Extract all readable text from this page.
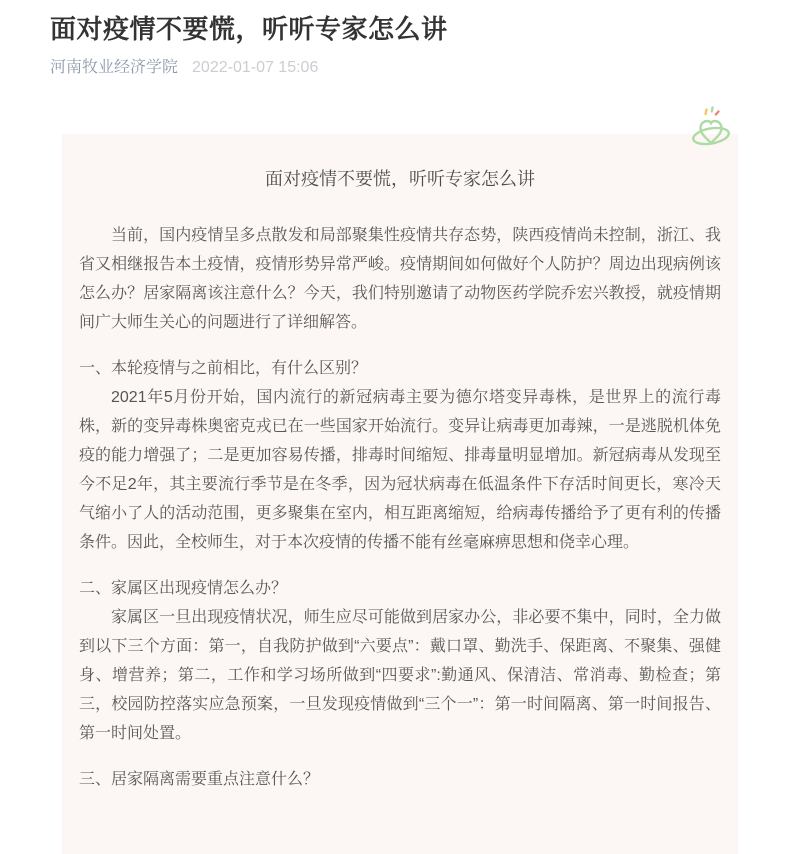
面对疫情不要慌，听听专家怎么讲
河南牧业经济学院 2022-01-07 15:06
面对疫情不要慌，听听专家怎么讲

当前，国内疫情呈多点散发和局部聚集性疫情共存态势，陕西疫情尚未控制，浙江、我省又相继报告本土疫情，疫情形势异常严峻。疫情期间如何做好个人防护？周边出现病例该怎么办？居家隔离该注意什么？今天，我们特别邀请了动物医药学院乔宏兴教授，就疫情期间广大师生关心的问题进行了详细解答。

一、本轮疫情与之前相比，有什么区别？

2021年5月份开始，国内流行的新冠病毒主要为德尔塔变异毒株，是世界上的流行毒株，新的变异毒株奥密克戎已在一些国家开始流行。变异让病毒更加毒辣，一是逃脱机体免疫的能力增强了；二是更加容易传播，排毒时间缩短、排毒量明显增加。新冠病毒从发现至今不足2年，其主要流行季节是在冬季，因为冠状病毒在低温条件下存活时间更长，寒冷天气缩小了人的活动范围，更多聚集在室内，相互距离缩短，给病毒传播给予了更有利的传播条件。因此，全校师生，对于本次疫情的传播不能有丝毫麻痹思想和侥幸心理。

二、家属区出现疫情怎么办？

家属区一旦出现疫情状况，师生应尽可能做到居家办公，非必要不集中，同时，全力做到以下三个方面：第一，自我防护做到“六要点”：戴口罩、勤洗手、保距离、不聚集、强健身、增营养；第二，工作和学习场所做到“四要求”:勤通风、保清洁、常消毒、勤检查；第三，校园防控落实应急预案，一旦发现疫情做到“三个一”：第一时间隔离、第一时间报告、第一时间处置。

三、居家隔离需要重点注意什么？
